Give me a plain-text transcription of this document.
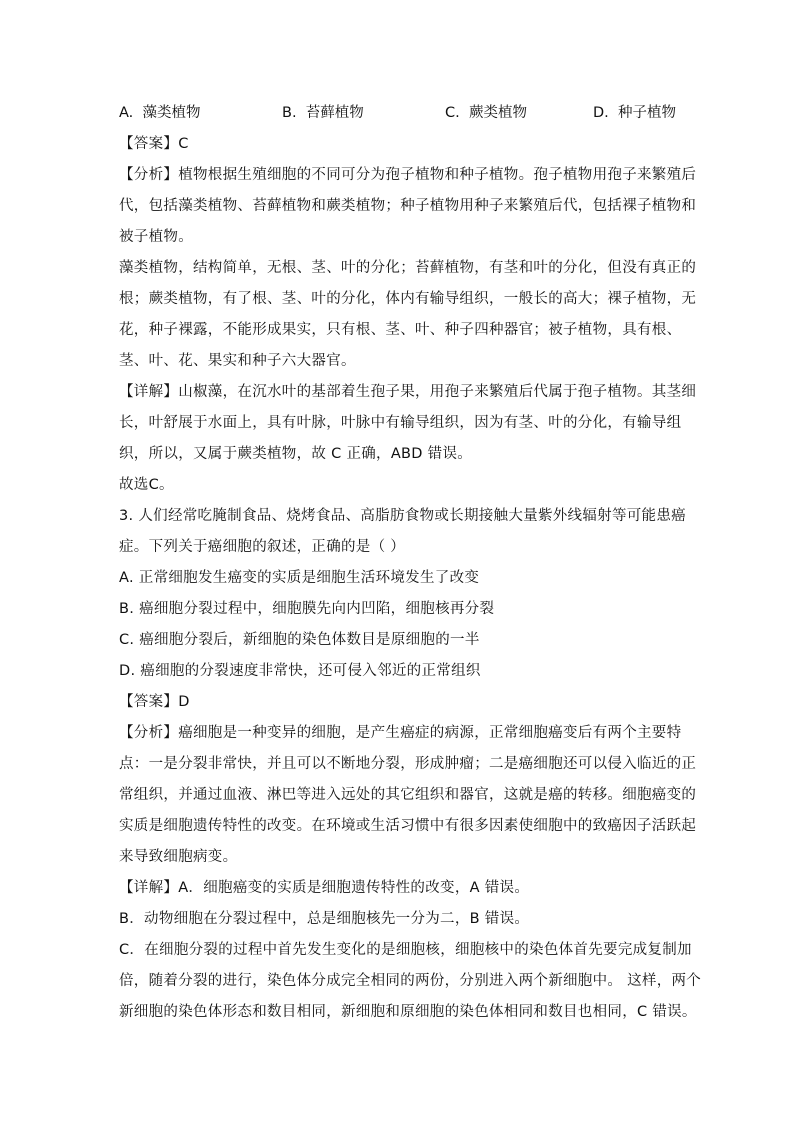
A. 藻类植物	B. 苔藓植物	C. 蕨类植物	D. 种子植物
【答案】C
【分析】植物根据生殖细胞的不同可分为孢子植物和种子植物。孢子植物用孢子来繁殖后
代，包括藻类植物、苔藓植物和蕨类植物；种子植物用种子来繁殖后代，包括裸子植物和
被子植物。
藻类植物，结构简单，无根、茎、叶的分化；苔藓植物，有茎和叶的分化，但没有真正的
根；蕨类植物，有了根、茎、叶的分化，体内有输导组织，一般长的高大；裸子植物，无
花，种子裸露，不能形成果实，只有根、茎、叶、种子四种器官；被子植物，具有根、
茎、叶、花、果实和种子六大器官。
【详解】山椒藻，在沉水叶的基部着生孢子果，用孢子来繁殖后代属于孢子植物。其茎细
长，叶舒展于水面上，具有叶脉，叶脉中有输导组织，因为有茎、叶的分化，有输导组
织，所以，又属于蕨类植物，故 C 正确，ABD 错误。
故选C。
3. 人们经常吃腌制食品、烧烤食品、高脂肪食物或长期接触大量紫外线辐射等可能患癌
症。下列关于癌细胞的叙述，正确的是（ ）
A. 正常细胞发生癌变的实质是细胞生活环境发生了改变
B. 癌细胞分裂过程中，细胞膜先向内凹陷，细胞核再分裂
C. 癌细胞分裂后，新细胞的染色体数目是原细胞的一半
D. 癌细胞的分裂速度非常快，还可侵入邻近的正常组织
【答案】D
【分析】癌细胞是一种变异的细胞，是产生癌症的病源，正常细胞癌变后有两个主要特
点：一是分裂非常快，并且可以不断地分裂，形成肿瘤；二是癌细胞还可以侵入临近的正
常组织，并通过血液、淋巴等进入远处的其它组织和器官，这就是癌的转移。细胞癌变的
实质是细胞遗传特性的改变。在环境或生活习惯中有很多因素使细胞中的致癌因子活跃起
来导致细胞病变。
【详解】A．细胞癌变的实质是细胞遗传特性的改变，A 错误。
B．动物细胞在分裂过程中，总是细胞核先一分为二，B 错误。
C．在细胞分裂的过程中首先发生变化的是细胞核，细胞核中的染色体首先要完成复制加
倍，随着分裂的进行，染色体分成完全相同的两份，分别进入两个新细胞中。 这样，两个
新细胞的染色体形态和数目相同，新细胞和原细胞的染色体相同和数目也相同，C 错误。
